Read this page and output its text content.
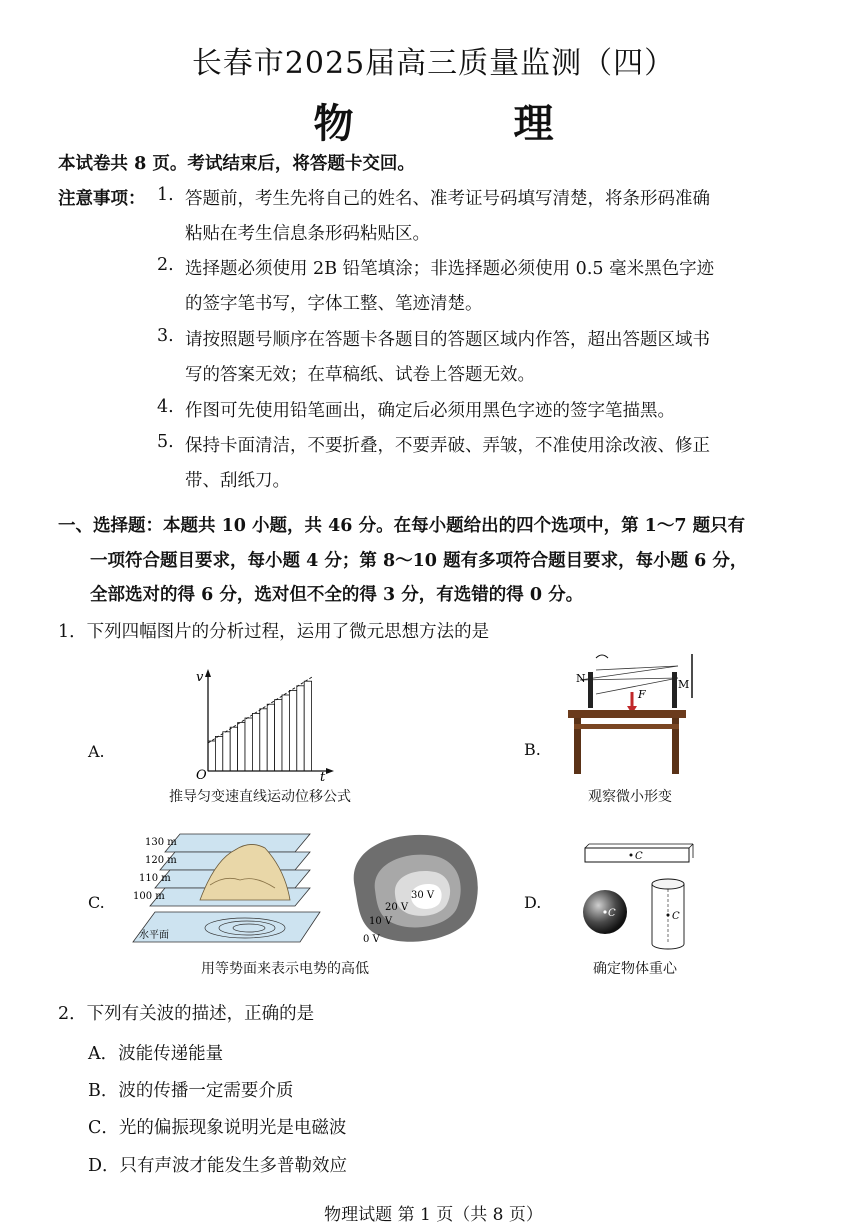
长春市2025届高三质量监测（四）
物　理
本试卷共 8 页。考试结束后，将答题卡交回。
注意事项： 1. 答题前，考生先将自己的姓名、准考证号码填写清楚，将条形码准确
粘贴在考生信息条形码粘贴区。
2. 选择题必须使用 2B 铅笔填涂；非选择题必须使用 0.5 毫米黑色字迹
的签字笔书写，字体工整、笔迹清楚。
3. 请按照题号顺序在答题卡各题目的答题区域内作答，超出答题区域书
写的答案无效；在草稿纸、试卷上答题无效。
4. 作图可先使用铅笔画出，确定后必须用黑色字迹的签字笔描黑。
5. 保持卡面清洁，不要折叠，不要弄破、弄皱，不准使用涂改液、修正
带、刮纸刀。
一、选择题：本题共 10 小题，共 46 分。在每小题给出的四个选项中，第 1～7 题只有
一项符合题目要求，每小题 4 分；第 8～10 题有多项符合题目要求，每小题 6 分，
全部选对的得 6 分，选对但不全的得 3 分，有选错的得 0 分。
1．下列四幅图片的分析过程，运用了微元思想方法的是
A.
v
O	t
推导匀变速直线运动位移公式
B.
N	M
F
观察微小形变
C.
130 m
120 m
110 m
100 m
水平面
30 V
20 V
10 V
0 V
用等势面来表示电势的高低
D.
C
C	C
确定物体重心
2．下列有关波的描述，正确的是
A．波能传递能量
B．波的传播一定需要介质
C．光的偏振现象说明光是电磁波
D．只有声波才能发生多普勒效应
物理试题 第 1 页（共 8 页）
